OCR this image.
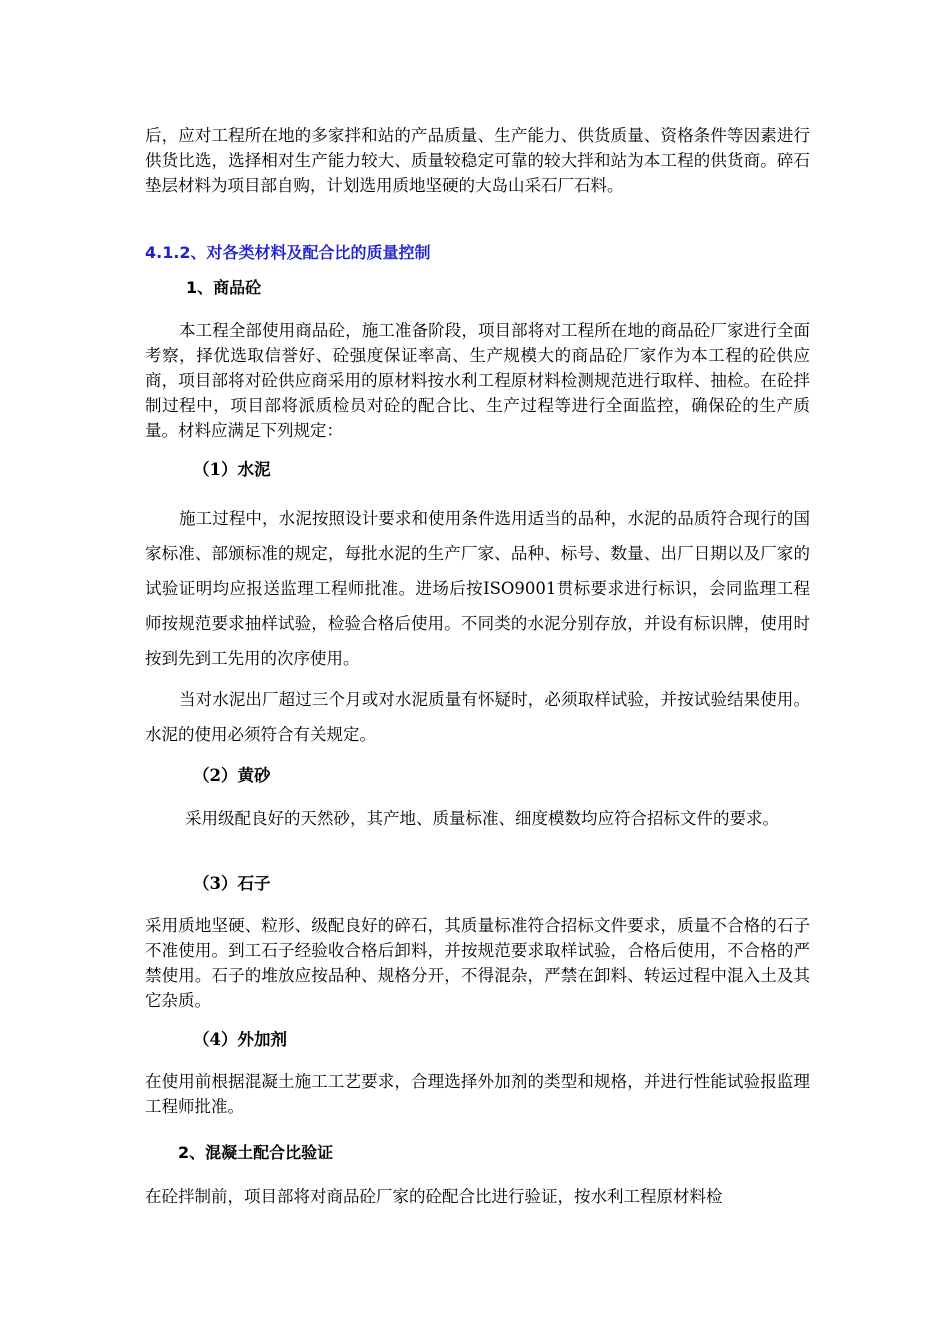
后，应对工程所在地的多家拌和站的产品质量、生产能力、供货质量、资格条件等因素进行供货比选，选择相对生产能力较大、质量较稳定可靠的较大拌和站为本工程的供货商。碎石垫层材料为项目部自购，计划选用质地坚硬的大岛山采石厂石料。

4.1.2、对各类材料及配合比的质量控制
1、商品砼

本工程全部使用商品砼，施工准备阶段，项目部将对工程所在地的商品砼厂家进行全面考察，择优选取信誉好、砼强度保证率高、生产规模大的商品砼厂家作为本工程的砼供应商，项目部将对砼供应商采用的原材料按水利工程原材料检测规范进行取样、抽检。在砼拌制过程中，项目部将派质检员对砼的配合比、生产过程等进行全面监控，确保砼的生产质量。材料应满足下列规定：

（1）水泥

施工过程中，水泥按照设计要求和使用条件选用适当的品种，水泥的品质符合现行的国家标准、部颁标准的规定，每批水泥的生产厂家、品种、标号、数量、出厂日期以及厂家的试验证明均应报送监理工程师批准。进场后按ISO9001贯标要求进行标识，会同监理工程师按规范要求抽样试验，检验合格后使用。不同类的水泥分别存放，并设有标识牌，使用时按到先到工先用的次序使用。

当对水泥出厂超过三个月或对水泥质量有怀疑时，必须取样试验，并按试验结果使用。水泥的使用必须符合有关规定。

（2）黄砂

采用级配良好的天然砂，其产地、质量标准、细度模数均应符合招标文件的要求。

（3）石子

采用质地坚硬、粒形、级配良好的碎石，其质量标准符合招标文件要求，质量不合格的石子不准使用。到工石子经验收合格后卸料，并按规范要求取样试验，合格后使用，不合格的严禁使用。石子的堆放应按品种、规格分开，不得混杂，严禁在卸料、转运过程中混入土及其它杂质。

（4）外加剂

在使用前根据混凝土施工工艺要求，合理选择外加剂的类型和规格，并进行性能试验报监理工程师批准。

2、混凝土配合比验证

在砼拌制前，项目部将对商品砼厂家的砼配合比进行验证，按水利工程原材料检
